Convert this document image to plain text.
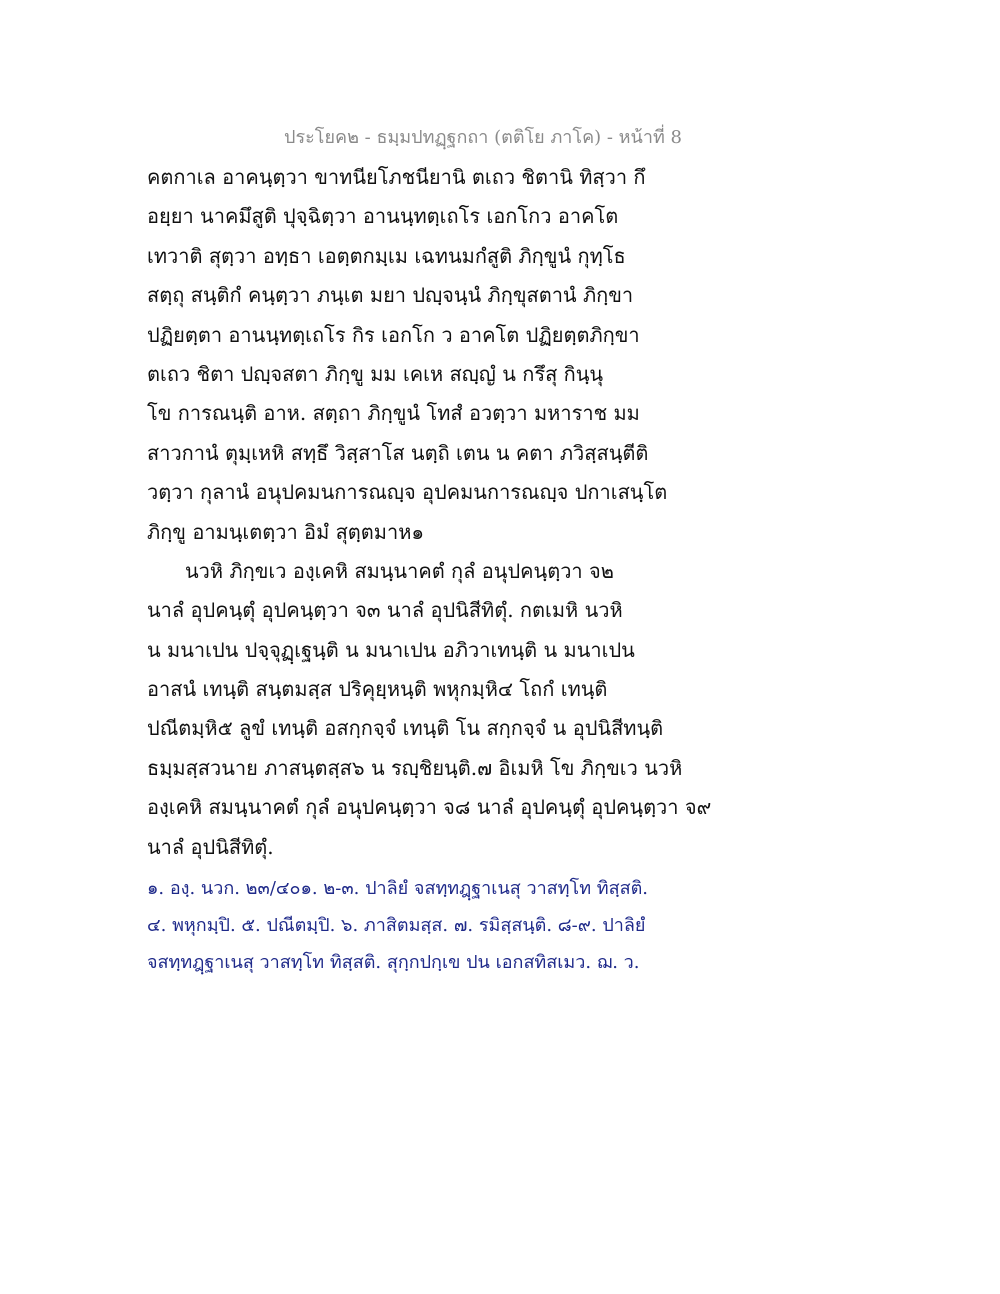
ประโยค๒ - ธมฺมปทฏฺฐกถา (ตติโย ภาโค) - หน้าที่ 8
คตกาเล อาคนฺตฺวา ขาทนียโภชนียานิ ตเถว ชิตานิ ทิสฺวา กึ
อยฺยา นาคมึสูติ ปุจฺฉิตฺวา อานนฺทตฺเถโร เอกโกว อาคโต
เทวาติ สุตฺวา อทฺธา เอตฺตกมฺเม เฉทนมกํสูติ ภิกฺขูนํ กุทฺโธ
สตฺถุ สนฺติกํ คนฺตฺวา ภนฺเต มยา ปญฺจนฺนํ ภิกฺขุสตานํ ภิกฺขา
ปฏิยตฺตา อานนฺทตฺเถโร กิร เอกโก ว อาคโต ปฏิยตฺตภิกฺขา
ตเถว ชิตา ปญฺจสตา ภิกฺขู มม เคเห สญฺญํ น กรึสุ กินฺนุ
โข การณนฺติ อาห. สตฺถา ภิกฺขูนํ โทสํ อวตฺวา มหาราช มม
สาวกานํ ตุมฺเหหิ สทฺธึ วิสฺสาโส นตฺถิ เตน น คตา ภวิสฺสนฺตีติ
วตฺวา กุลานํ อนุปคมนการณญฺจ อุปคมนการณญฺจ ปกาเสนฺโต
ภิกฺขู อามนฺเตตฺวา อิมํ สุตฺตมาห๑
นวหิ ภิกฺขเว องฺเคหิ สมนฺนาคตํ กุลํ อนุปคนฺตฺวา จ๒
นาลํ อุปคนฺตุํ อุปคนฺตฺวา จ๓ นาลํ อุปนิสีทิตุํ. กตเมหิ นวหิ
น มนาเปน ปจฺจุฏฺเฐนฺติ น มนาเปน อภิวาเทนฺติ น มนาเปน
อาสนํ เทนฺติ สนฺตมสฺส ปริคุยฺหนฺติ พหุกมฺหิ๔ โถกํ เทนฺติ
ปณีตมฺหิ๕ ลูขํ เทนฺติ อสกฺกจฺจํ เทนฺติ โน สกฺกจฺจํ น อุปนิสีทนฺติ
ธมฺมสฺสวนาย ภาสนฺตสฺส๖ น รญฺชิยนฺติ.๗ อิเมหิ โข ภิกฺขเว นวหิ
องฺเคหิ สมนฺนาคตํ กุลํ อนุปคนฺตฺวา จ๘ นาลํ อุปคนฺตุํ อุปคนฺตฺวา จ๙
นาลํ อุปนิสีทิตุํ.
๑. องฺ. นวก. ๒๓/๔๐๑. ๒-๓. ปาลิยํ จสทฺทฎฺฐาเนสุ วาสทฺโท ทิสฺสติ.
๔. พหุกมฺปิ. ๕. ปณีตมฺปิ. ๖. ภาสิตมสฺส. ๗. รมิสฺสนฺติ. ๘-๙. ปาลิยํ
จสทฺทฎฺฐาเนสุ วาสทฺโท ทิสฺสติ. สุกฺกปกฺเข ปน เอกสทิสเมว. ฌ. ว.
